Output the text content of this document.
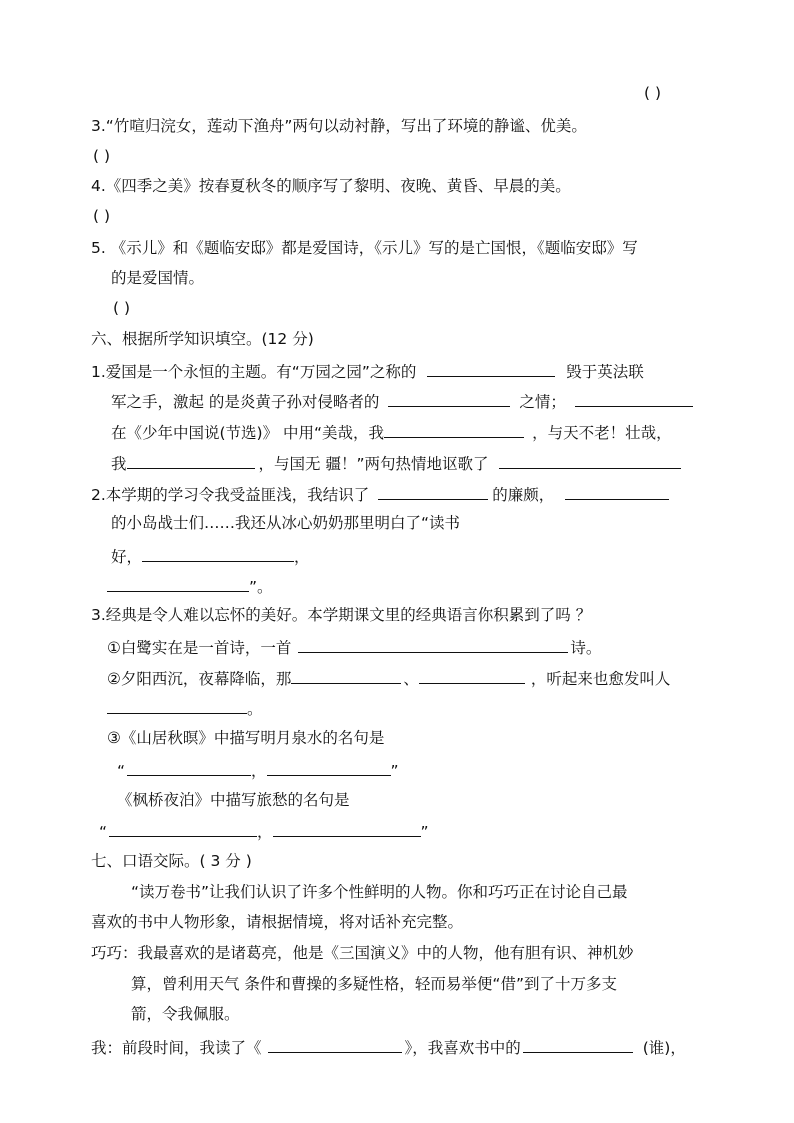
( )
3.“竹喧归浣女，莲动下渔舟”两句以动衬静，写出了环境的静谧、优美。
( )
4.《四季之美》按春夏秋冬的顺序写了黎明、夜晚、黄昏、早晨的美。
( )
5. 《示儿》和《题临安邸》都是爱国诗，《示儿》写的是亡国恨，《题临安邸》写
的是爱国情。
( )
六、根据所学知识填空。(12 分)
1.爱国是一个永恒的主题。有“万园之园”之称的	毁于英法联
军之手，激起 的是炎黄子孙对侵略者的	之情；
在《少年中国说(节选)》 中用“美哉，我	，与天不老！壮哉，
我	，与国无 疆！”两句热情地讴歌了
2.本学期的学习令我受益匪浅，我结识了	的廉颇，
的小岛战士们……我还从冰心奶奶那里明白了“读书
好，	，
”。
3.经典是令人难以忘怀的美好。本学期课文里的经典语言你积累到了吗 ？
①白鹭实在是一首诗，一首	诗。
②夕阳西沉，夜幕降临，那	、	，听起来也愈发叫人
。
③《山居秋暝》中描写明月泉水的名句是
“	，	”
《枫桥夜泊》中描写旅愁的名句是
“	，	”
七、口语交际。( 3 分 )
“读万卷书”让我们认识了许多个性鲜明的人物。你和巧巧正在讨论自己最
喜欢的书中人物形象，请根据情境，将对话补充完整。
巧巧：我最喜欢的是诸葛亮，他是《三国演义》中的人物，他有胆有识、神机妙
算，曾利用天气 条件和曹操的多疑性格，轻而易举便“借”到了十万多支
箭，令我佩服。
我：前段时间，我读了《	》，我喜欢书中的	(谁)，
